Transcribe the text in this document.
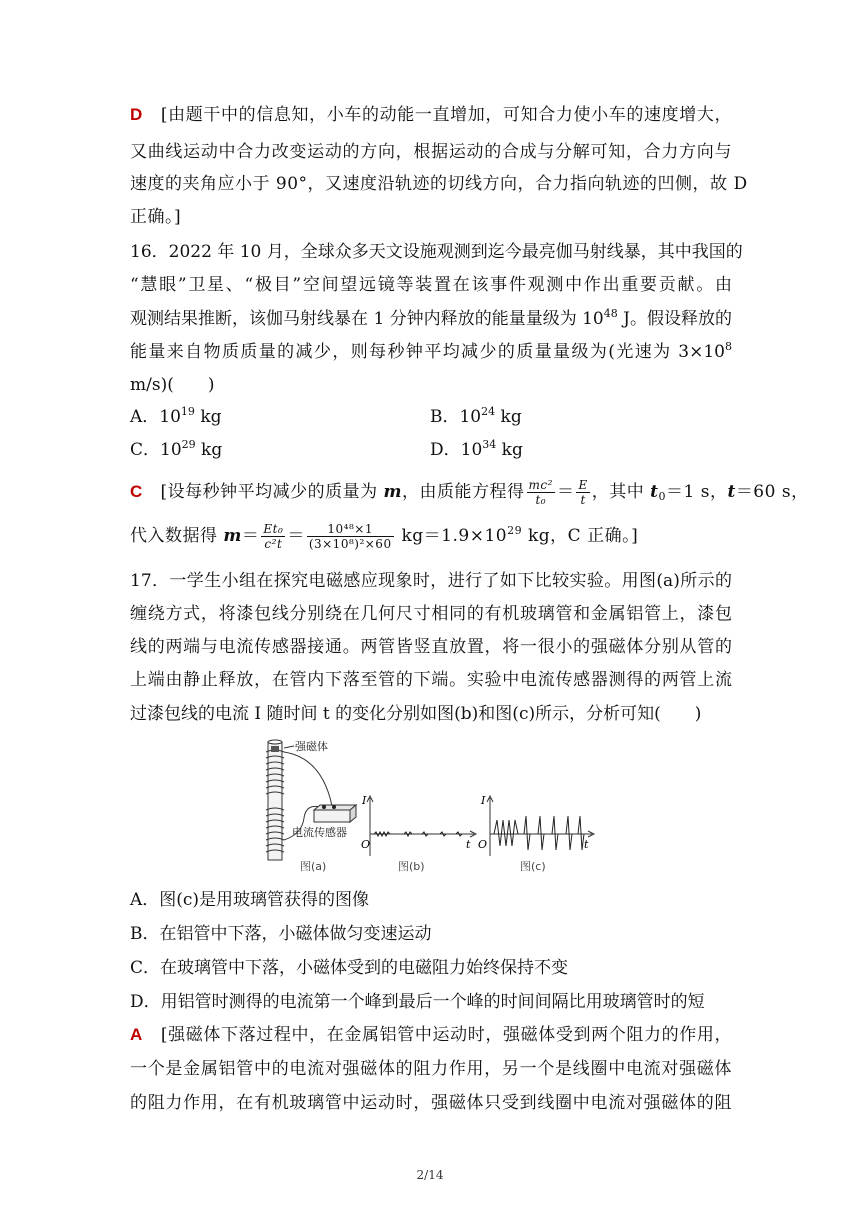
D [由题干中的信息知，小车的动能一直增加，可知合力使小车的速度增大，
又曲线运动中合力改变运动的方向，根据运动的合成与分解可知，合力方向与
速度的夹角应小于 90°，又速度沿轨迹的切线方向，合力指向轨迹的凹侧，故 D
正确。]
16．2022 年 10 月，全球众多天文设施观测到迄今最亮伽马射线暴，其中我国的
“慧眼”卫星、“极目”空间望远镜等装置在该事件观测中作出重要贡献。由
观测结果推断，该伽马射线暴在 1 分钟内释放的能量量级为 $10^{48}$ J。假设释放的
能量来自物质质量的减少，则每秒钟平均减少的质量量级为(光速为 $3\times 10^8$
m/s)(　　)
A．$10^{19}$ kg	B．$10^{24}$ kg
C．$10^{29}$ kg	D．$10^{34}$ kg
C [设每秒钟平均减少的质量为 m，由质能方程得 $\frac{\text{mc²}}{\text{t₀}} = \frac{E}{t}$ ，其中 $t_0=1$ s，t＝60 s，
代入数据得 $m= \frac{\text{Et₀}}{\text{c²t}} = \frac{\text{10⁴⁸×1}}{\text{(3×10⁸)²×60}} kg=1.9\times 10^{29}$ kg，C 正确。]
17．一学生小组在探究电磁感应现象时，进行了如下比较实验。用图(a)所示的
缠绕方式，将漆包线分别绕在几何尺寸相同的有机玻璃管和金属铝管上，漆包
线的两端与电流传感器接通。两管皆竖直放置，将一很小的强磁体分别从管的
上端由静止释放，在管内下落至管的下端。实验中电流传感器测得的两管上流
过漆包线的电流 I 随时间 t 的变化分别如图(b)和图(c)所示，分析可知(　　)
强磁体
电流传感器
I
O	t
图(b)
图(a)
I
O	t
图(c)
A．图(c)是用玻璃管获得的图像
B．在铝管中下落，小磁体做匀变速运动
C．在玻璃管中下落，小磁体受到的电磁阻力始终保持不变
D．用铝管时测得的电流第一个峰到最后一个峰的时间间隔比用玻璃管时的短
A [强磁体下落过程中，在金属铝管中运动时，强磁体受到两个阻力的作用，
一个是金属铝管中的电流对强磁体的阻力作用，另一个是线圈中电流对强磁体
的阻力作用，在有机玻璃管中运动时，强磁体只受到线圈中电流对强磁体的阻
2/14
